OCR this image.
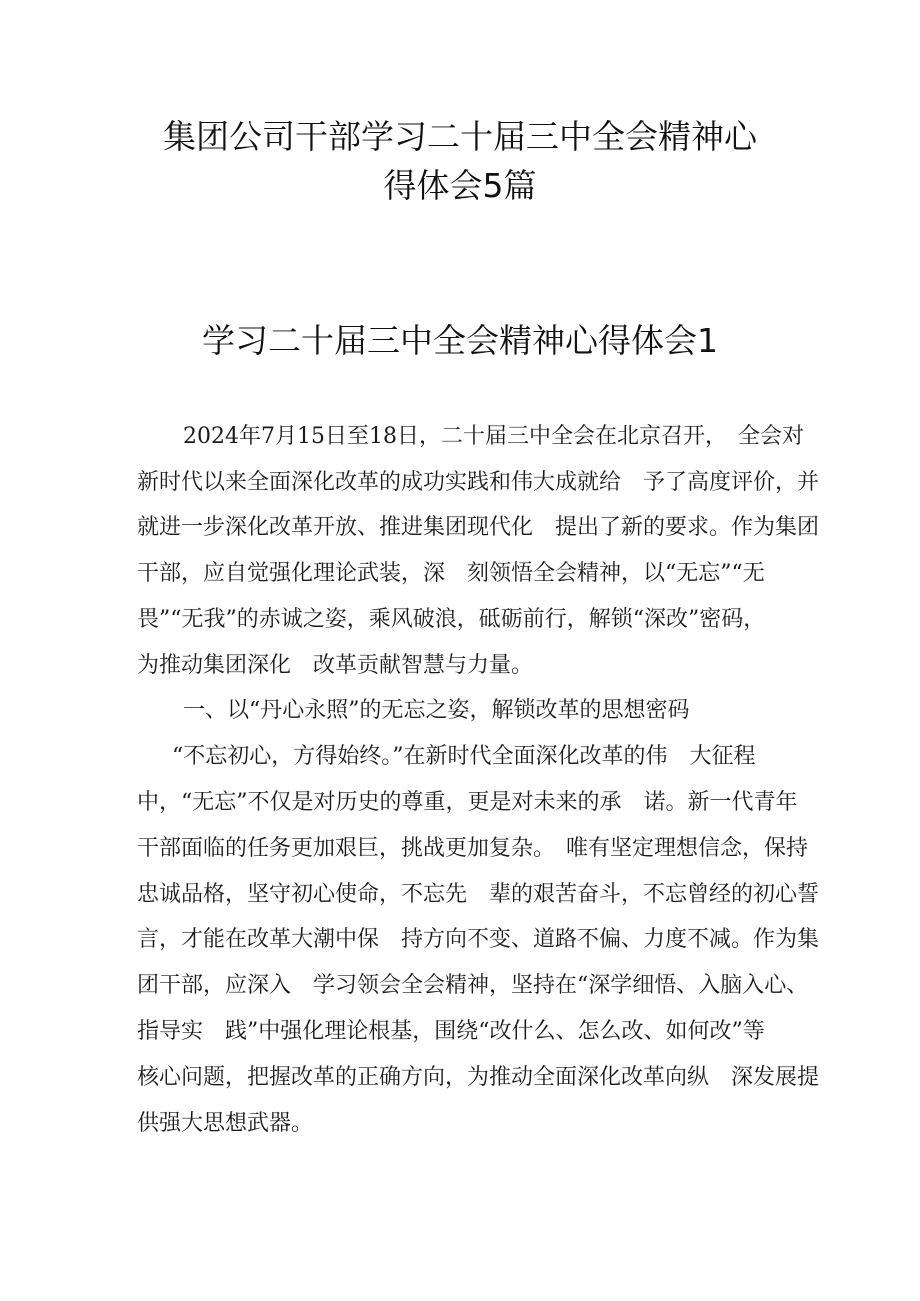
集团公司干部学习二十届三中全会精神心
得体会5篇
学习二十届三中全会精神心得体会1
2024年7月15日至18日，二十届三中全会在北京召开，　全会对
新时代以来全面深化改革的成功实践和伟大成就给　予了高度评价，并
就进一步深化改革开放、推进集团现代化　提出了新的要求。作为集团
干部，应自觉强化理论武装，深　刻领悟全会精神，以“无忘”“无
畏”“无我”的赤诚之姿，乘风破浪，砥砺前行，解锁“深改”密码，
为推动集团深化　改革贡献智慧与力量。
一、以“丹心永照”的无忘之姿，解锁改革的思想密码
“不忘初心，方得始终。”在新时代全面深化改革的伟　大征程
中，“无忘”不仅是对历史的尊重，更是对未来的承　诺。新一代青年
干部面临的任务更加艰巨，挑战更加复杂。　唯有坚定理想信念，保持
忠诚品格，坚守初心使命，不忘先　辈的艰苦奋斗，不忘曾经的初心誓
言，才能在改革大潮中保　持方向不变、道路不偏、力度不减。作为集
团干部，应深入　学习领会全会精神，坚持在“深学细悟、入脑入心、
指导实　践”中强化理论根基，围绕“改什么、怎么改、如何改”等
核心问题，把握改革的正确方向，为推动全面深化改革向纵　深发展提
供强大思想武器。
